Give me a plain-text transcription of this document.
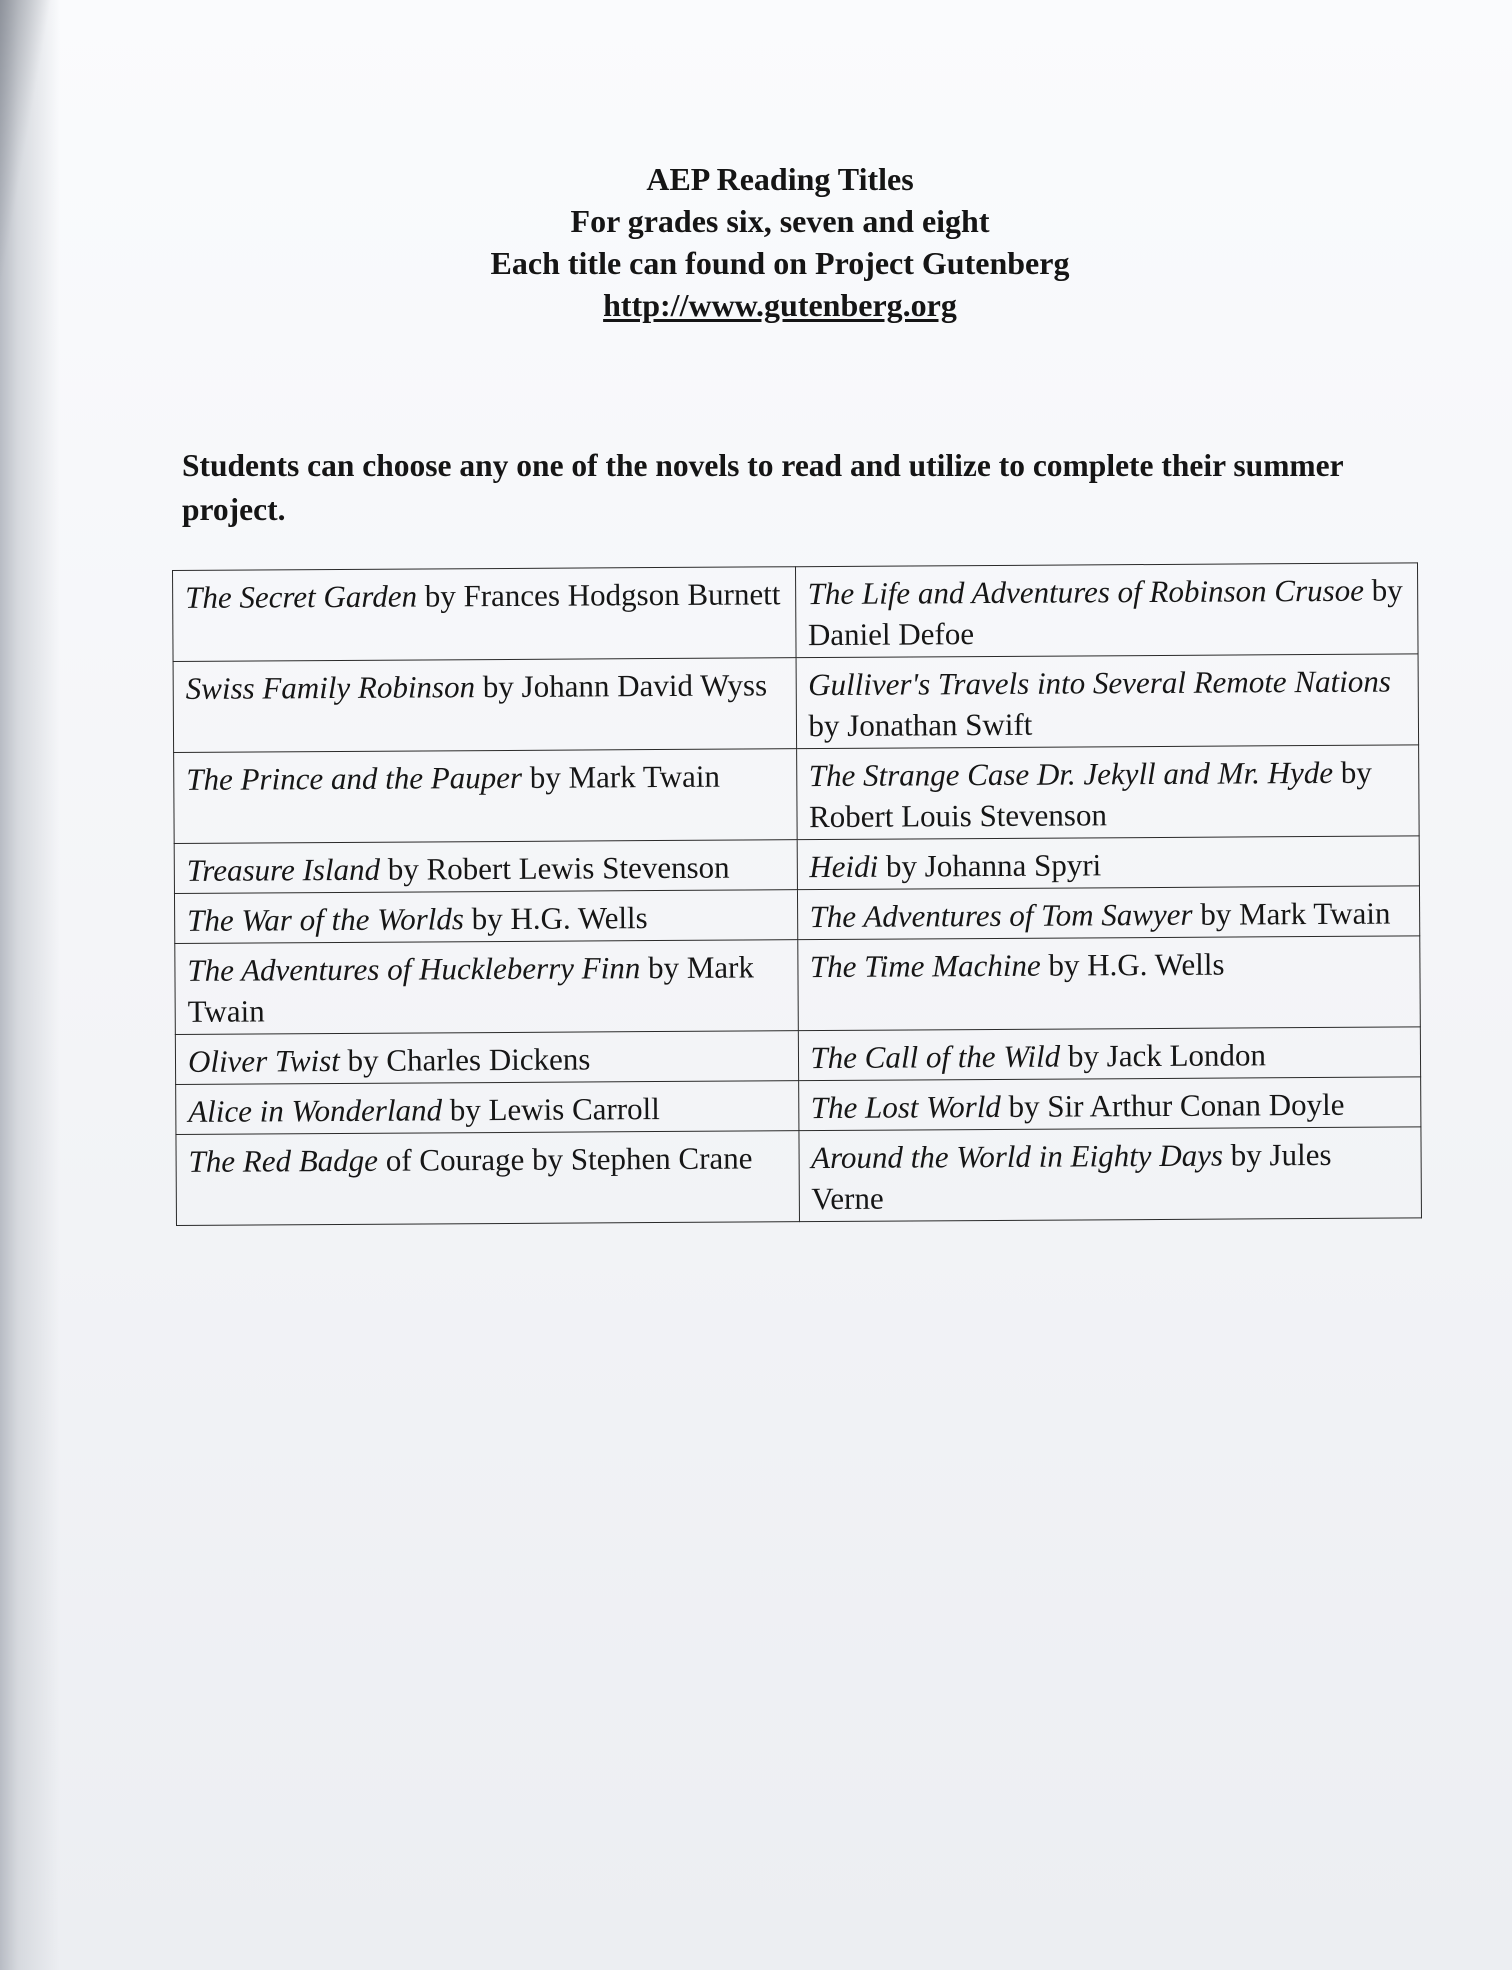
AEP Reading Titles
For grades six, seven and eight
Each title can found on Project Gutenberg
http://www.gutenberg.org
Students can choose any one of the novels to read and utilize to complete their summer project.
The Secret Garden by Frances Hodgson Burnett	The Life and Adventures of Robinson Crusoe by Daniel Defoe
Swiss Family Robinson by Johann David Wyss	Gulliver's Travels into Several Remote Nations by Jonathan Swift
The Prince and the Pauper by Mark Twain	The Strange Case Dr. Jekyll and Mr. Hyde by Robert Louis Stevenson
Treasure Island by Robert Lewis Stevenson	Heidi by Johanna Spyri
The War of the Worlds by H.G. Wells	The Adventures of Tom Sawyer by Mark Twain
The Adventures of Huckleberry Finn by Mark Twain	The Time Machine by H.G. Wells
Oliver Twist by Charles Dickens	The Call of the Wild by Jack London
Alice in Wonderland by Lewis Carroll	The Lost World by Sir Arthur Conan Doyle
The Red Badge of Courage by Stephen Crane	Around the World in Eighty Days by Jules Verne
